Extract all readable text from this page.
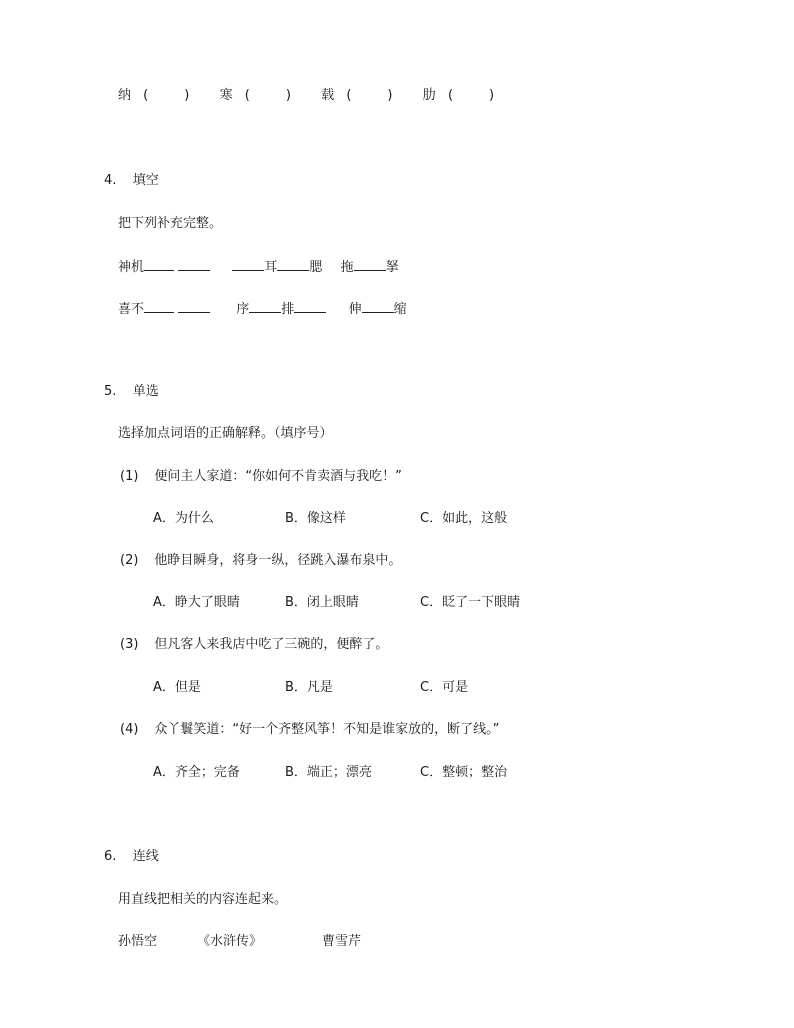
纳 (	) 寒 (	) 载 (	) 肋 (	)
4. 填空
把下列补充完整。
神机	耳 腮 拖 拏
喜不	序 排	伸 缩
5. 单选
选择加点词语的正确解释。（填序号）
(1) 便问主人家道：“你如何不肯卖酒与我吃！”
A．为什么	B．像这样	C．如此，这般
(2) 他睁目瞬身，将身一纵，径跳入瀑布泉中。
A．睁大了眼睛	B．闭上眼睛	C．眨了一下眼睛
(3) 但凡客人来我店中吃了三碗的，便醉了。
A．但是	B．凡是	C．可是
(4) 众丫鬟笑道：“好一个齐整风筝！不知是谁家放的，断了线。”
A．齐全；完备	B．端正；漂亮	C．整顿；整治
6. 连线
用直线把相关的内容连起来。
孙悟空	《水浒传》	曹雪芹
